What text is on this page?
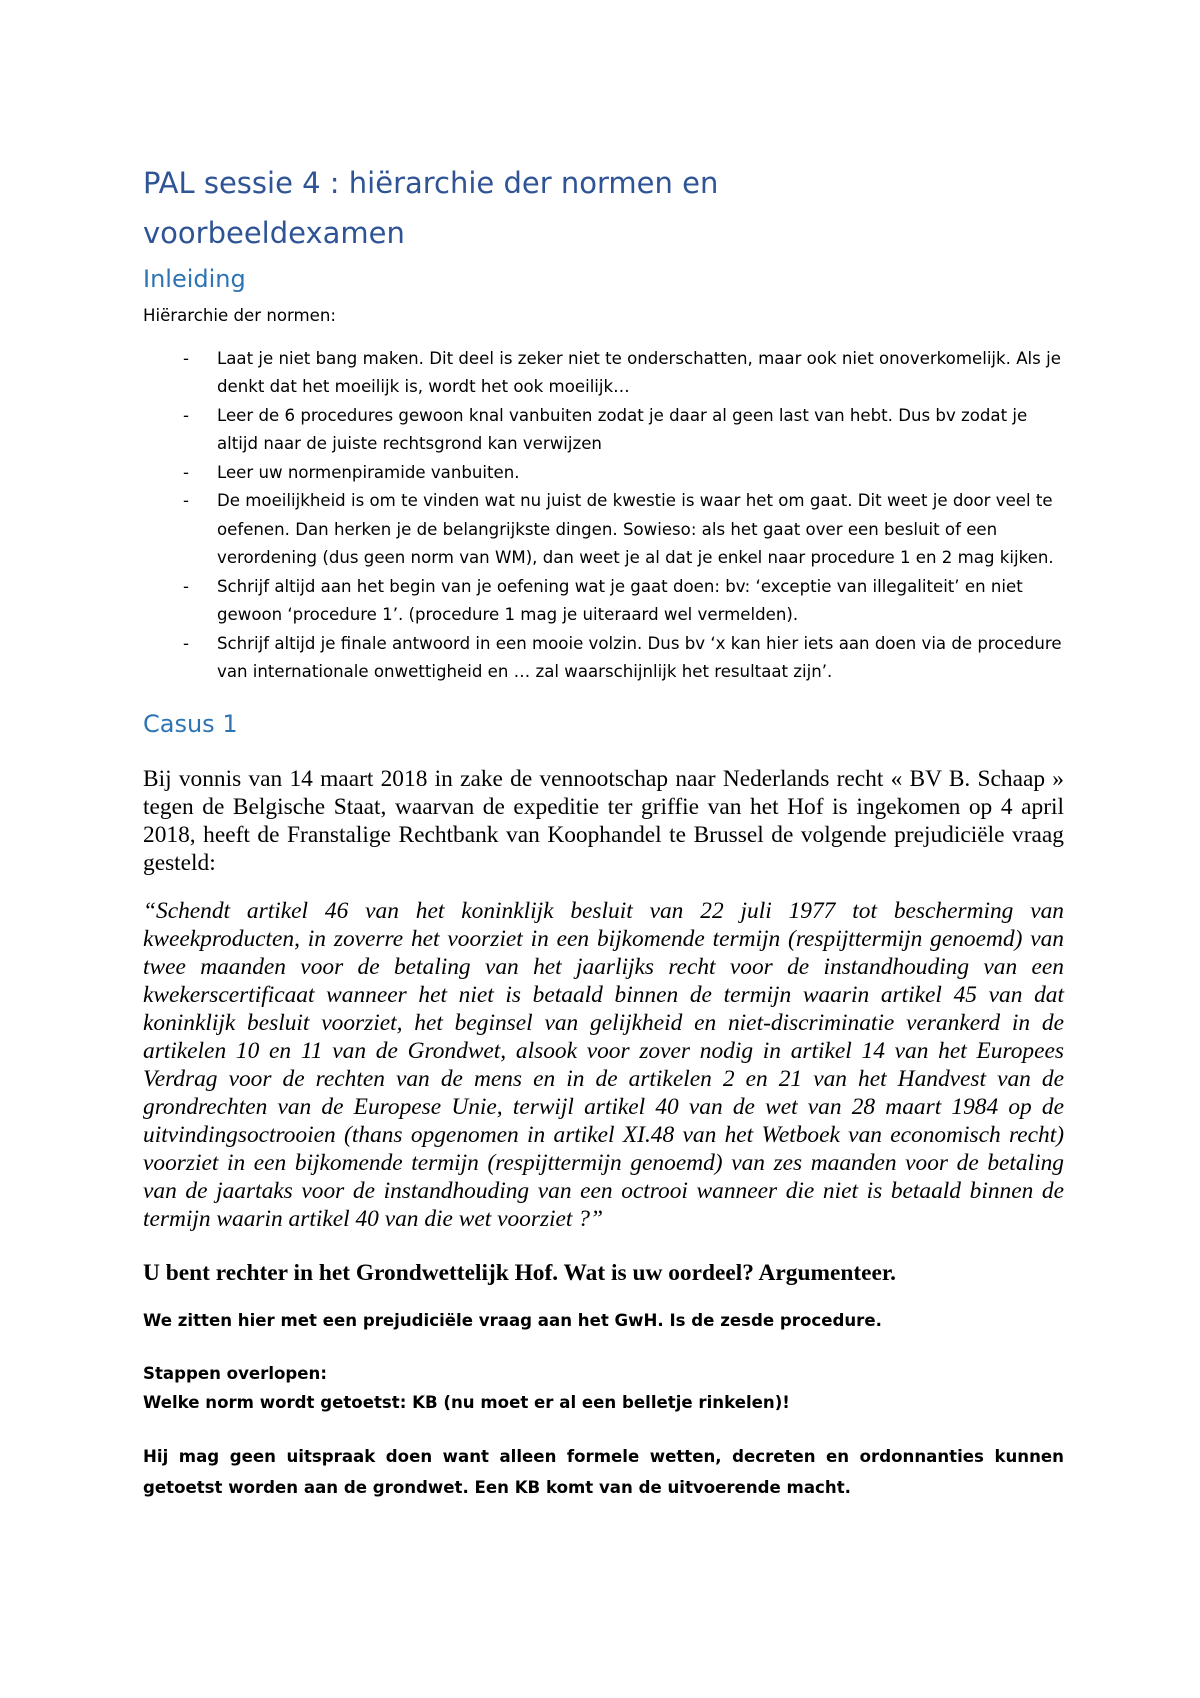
PAL sessie 4 : hiërarchie der normen en
voorbeeldexamen
Inleiding

Hiërarchie der normen:

- Laat je niet bang maken. Dit deel is zeker niet te onderschatten, maar ook niet onoverkomelijk. Als je denkt dat het moeilijk is, wordt het ook moeilijk…
- Leer de 6 procedures gewoon knal vanbuiten zodat je daar al geen last van hebt. Dus bv zodat je altijd naar de juiste rechtsgrond kan verwijzen
- Leer uw normenpiramide vanbuiten.
- De moeilijkheid is om te vinden wat nu juist de kwestie is waar het om gaat. Dit weet je door veel te oefenen. Dan herken je de belangrijkste dingen. Sowieso: als het gaat over een besluit of een verordening (dus geen norm van WM), dan weet je al dat je enkel naar procedure 1 en 2 mag kijken.
- Schrijf altijd aan het begin van je oefening wat je gaat doen: bv: ‘exceptie van illegaliteit’ en niet gewoon ‘procedure 1’. (procedure 1 mag je uiteraard wel vermelden).
- Schrijf altijd je finale antwoord in een mooie volzin. Dus bv ‘x kan hier iets aan doen via de procedure van internationale onwettigheid en … zal waarschijnlijk het resultaat zijn’.
Casus 1

Bij vonnis van 14 maart 2018 in zake de vennootschap naar Nederlands recht « BV B. Schaap » tegen de Belgische Staat, waarvan de expeditie ter griffie van het Hof is ingekomen op 4 april 2018, heeft de Franstalige Rechtbank van Koophandel te Brussel de volgende prejudiciële vraag gesteld:

“Schendt artikel 46 van het koninklijk besluit van 22 juli 1977 tot bescherming van kweekproducten, in zoverre het voorziet in een bijkomende termijn (respijttermijn genoemd) van twee maanden voor de betaling van het jaarlijks recht voor de instandhouding van een kwekerscertificaat wanneer het niet is betaald binnen de termijn waarin artikel 45 van dat koninklijk besluit voorziet, het beginsel van gelijkheid en niet-discriminatie verankerd in de artikelen 10 en 11 van de Grondwet, alsook voor zover nodig in artikel 14 van het Europees Verdrag voor de rechten van de mens en in de artikelen 2 en 21 van het Handvest van de grondrechten van de Europese Unie, terwijl artikel 40 van de wet van 28 maart 1984 op de uitvindingsoctrooien (thans opgenomen in artikel XI.48 van het Wetboek van economisch recht) voorziet in een bijkomende termijn (respijttermijn genoemd) van zes maanden voor de betaling van de jaartaks voor de instandhouding van een octrooi wanneer die niet is betaald binnen de termijn waarin artikel 40 van die wet voorziet ?”

U bent rechter in het Grondwettelijk Hof. Wat is uw oordeel? Argumenteer.

We zitten hier met een prejudiciële vraag aan het GwH. Is de zesde procedure.

Stappen overlopen:
Welke norm wordt getoetst: KB (nu moet er al een belletje rinkelen)!

Hij mag geen uitspraak doen want alleen formele wetten, decreten en ordonnanties kunnen getoetst worden aan de grondwet. Een KB komt van de uitvoerende macht.
